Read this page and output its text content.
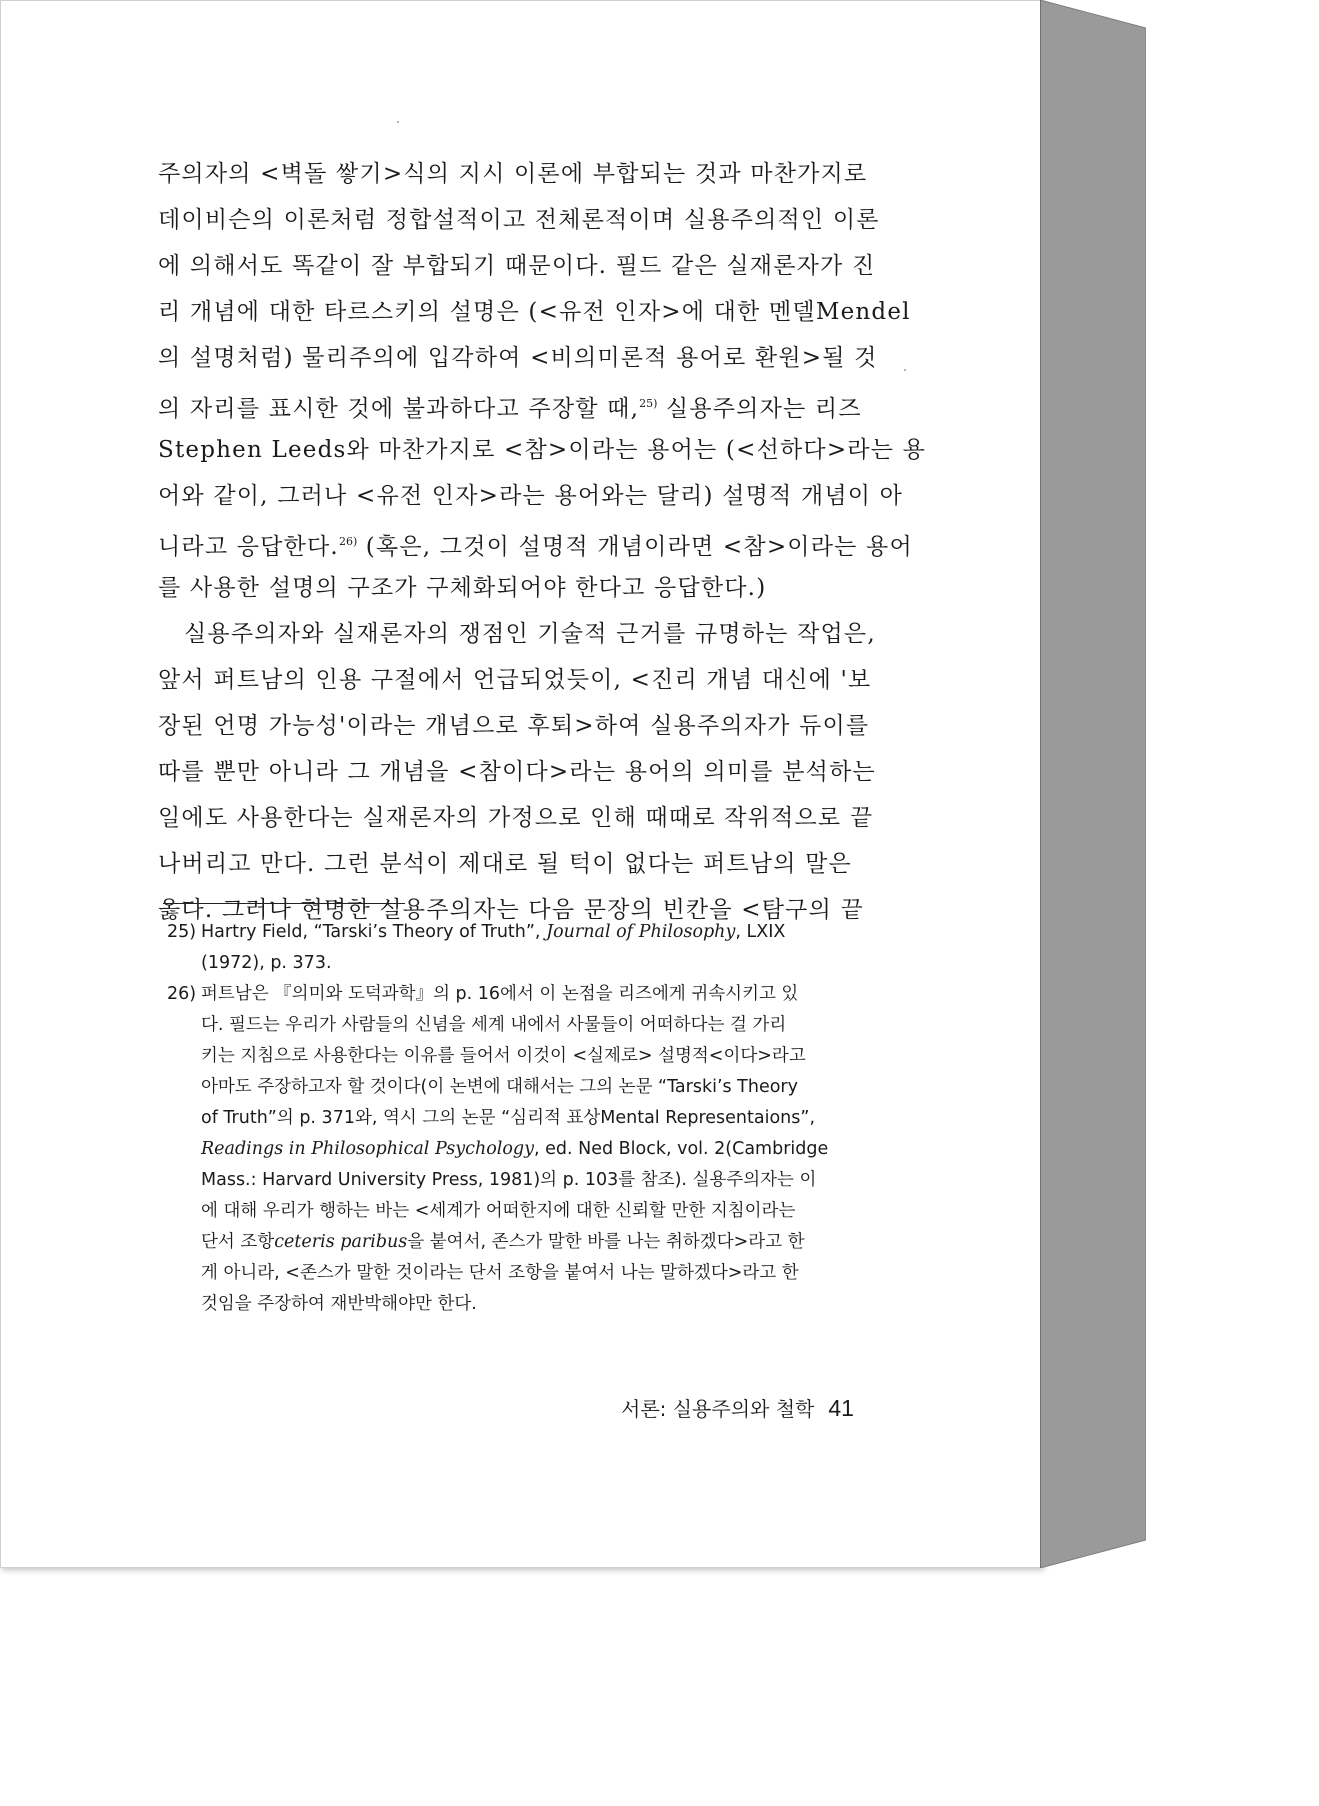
주의자의 <벽돌 쌓기>식의 지시 이론에 부합되는 것과 마찬가지로
데이비슨의 이론처럼 정합설적이고 전체론적이며 실용주의적인 이론
에 의해서도 똑같이 잘 부합되기 때문이다. 필드 같은 실재론자가 진
리 개념에 대한 타르스키의 설명은 (<유전 인자>에 대한 멘델Mendel
의 설명처럼) 물리주의에 입각하여 <비의미론적 용어로 환원>될 것
의 자리를 표시한 것에 불과하다고 주장할 때,$^{25)}$ 실용주의자는 리즈
Stephen Leeds와 마찬가지로 <참>이라는 용어는 (<선하다>라는 용
어와 같이, 그러나 <유전 인자>라는 용어와는 달리) 설명적 개념이 아
니라고 응답한다.$^{26)}$ (혹은, 그것이 설명적 개념이라면 <참>이라는 용어
를 사용한 설명의 구조가 구체화되어야 한다고 응답한다.)
실용주의자와 실재론자의 쟁점인 기술적 근거를 규명하는 작업은,
앞서 퍼트남의 인용 구절에서 언급되었듯이, <진리 개념 대신에 '보
장된 언명 가능성'이라는 개념으로 후퇴>하여 실용주의자가 듀이를
따를 뿐만 아니라 그 개념을 <참이다>라는 용어의 의미를 분석하는
일에도 사용한다는 실재론자의 가정으로 인해 때때로 작위적으로 끝
나버리고 만다. 그런 분석이 제대로 될 턱이 없다는 퍼트남의 말은
옳다. 그러나 현명한 실용주의자는 다음 문장의 빈칸을 <탐구의 끝
25) Hartry Field, “Tarski’s Theory of Truth”, Journal of Philosophy, LXIX
(1972), p. 373.
26) 퍼트남은 『의미와 도덕과학』의 p. 16에서 이 논점을 리즈에게 귀속시키고 있
다. 필드는 우리가 사람들의 신념을 세계 내에서 사물들이 어떠하다는 걸 가리
키는 지침으로 사용한다는 이유를 들어서 이것이 <실제로> 설명적<이다>라고
아마도 주장하고자 할 것이다(이 논변에 대해서는 그의 논문 “Tarski’s Theory
of Truth”의 p. 371와, 역시 그의 논문 “심리적 표상Mental Representaions”,
Readings in Philosophical Psychology, ed. Ned Block, vol. 2(Cambridge
Mass.: Harvard University Press, 1981)의 p. 103를 참조). 실용주의자는 이
에 대해 우리가 행하는 바는 <세계가 어떠한지에 대한 신뢰할 만한 지침이라는
단서 조항ceteris paribus을 붙여서, 존스가 말한 바를 나는 취하겠다>라고 한
게 아니라, <존스가 말한 것이라는 단서 조항을 붙여서 나는 말하겠다>라고 한
것임을 주장하여 재반박해야만 한다.
서론: 실용주의와 철학 41
